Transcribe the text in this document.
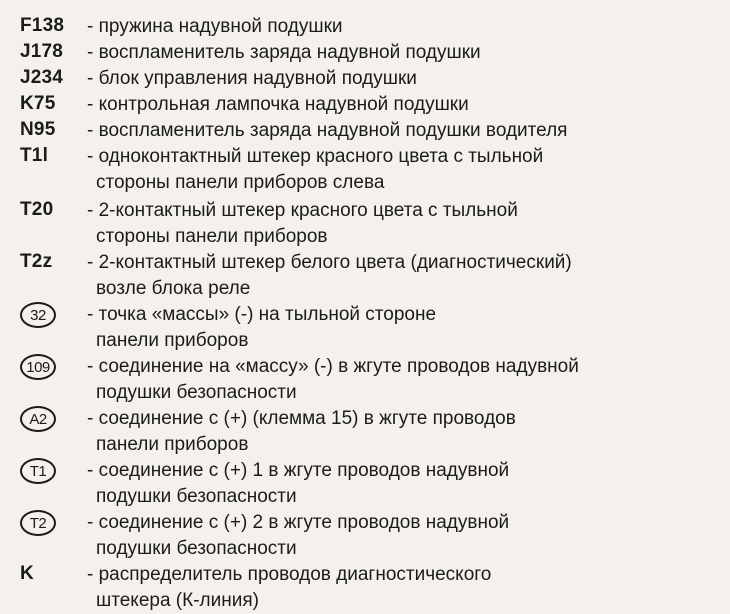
F138 - пружина надувной подушки
J178 - воспламенитель заряда надувной подушки
J234 - блок управления надувной подушки
K75 - контрольная лампочка надувной подушки
N95 - воспламенитель заряда надувной подушки водителя
T1l - одноконтактный штекер красного цвета с тыльной
стороны панели приборов слева
T20 - 2-контактный штекер красного цвета с тыльной
стороны панели приборов
T2z - 2-контактный штекер белого цвета (диагностический)
возле блока реле
32	- точка «массы» (-) на тыльной стороне
панели приборов
109	- соединение на «массу» (-) в жгуте проводов надувной
подушки безопасности
A2	- соединение с (+) (клемма 15) в жгуте проводов
панели приборов
T1	- соединение с (+) 1 в жгуте проводов надувной
подушки безопасности
T2	- соединение с (+) 2 в жгуте проводов надувной
подушки безопасности
K	- распределитель проводов диагностического
штекера (К-линия)
